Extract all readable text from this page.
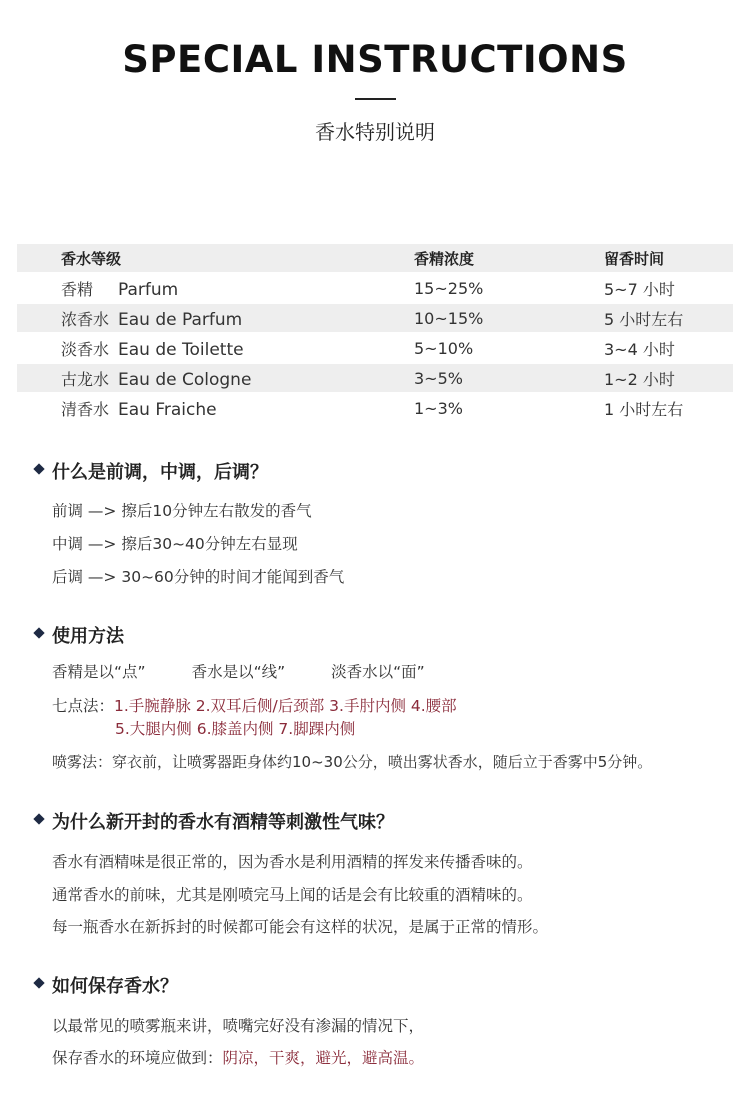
SPECIAL INSTRUCTIONS
香水特别说明
香水等级	香精浓度	留香时间
香精 Parfum	15~25%	5~7 小时
浓香水 Eau de Parfum	10~15%	5 小时左右
淡香水 Eau de Toilette	5~10%	3~4 小时
古龙水 Eau de Cologne	3~5%	1~2 小时
清香水 Eau Fraiche	1~3%	1 小时左右
什么是前调，中调，后调？
前调 —> 擦后10分钟左右散发的香气
中调 —> 擦后30~40分钟左右显现
后调 —> 30~60分钟的时间才能闻到香气
使用方法
香精是以“点”	香水是以“线”	淡香水以“面”
七点法：1.手腕静脉 2.双耳后侧/后颈部 3.手肘内侧 4.腰部
5.大腿内侧 6.膝盖内侧 7.脚踝内侧
喷雾法：穿衣前，让喷雾器距身体约10~30公分，喷出雾状香水，随后立于香雾中5分钟。
为什么新开封的香水有酒精等刺激性气味？
香水有酒精味是很正常的，因为香水是利用酒精的挥发来传播香味的。
通常香水的前味，尤其是刚喷完马上闻的话是会有比较重的酒精味的。
每一瓶香水在新拆封的时候都可能会有这样的状况，是属于正常的情形。
如何保存香水？
以最常见的喷雾瓶来讲，喷嘴完好没有渗漏的情况下，
保存香水的环境应做到：阴凉，干爽，避光，避高温。
